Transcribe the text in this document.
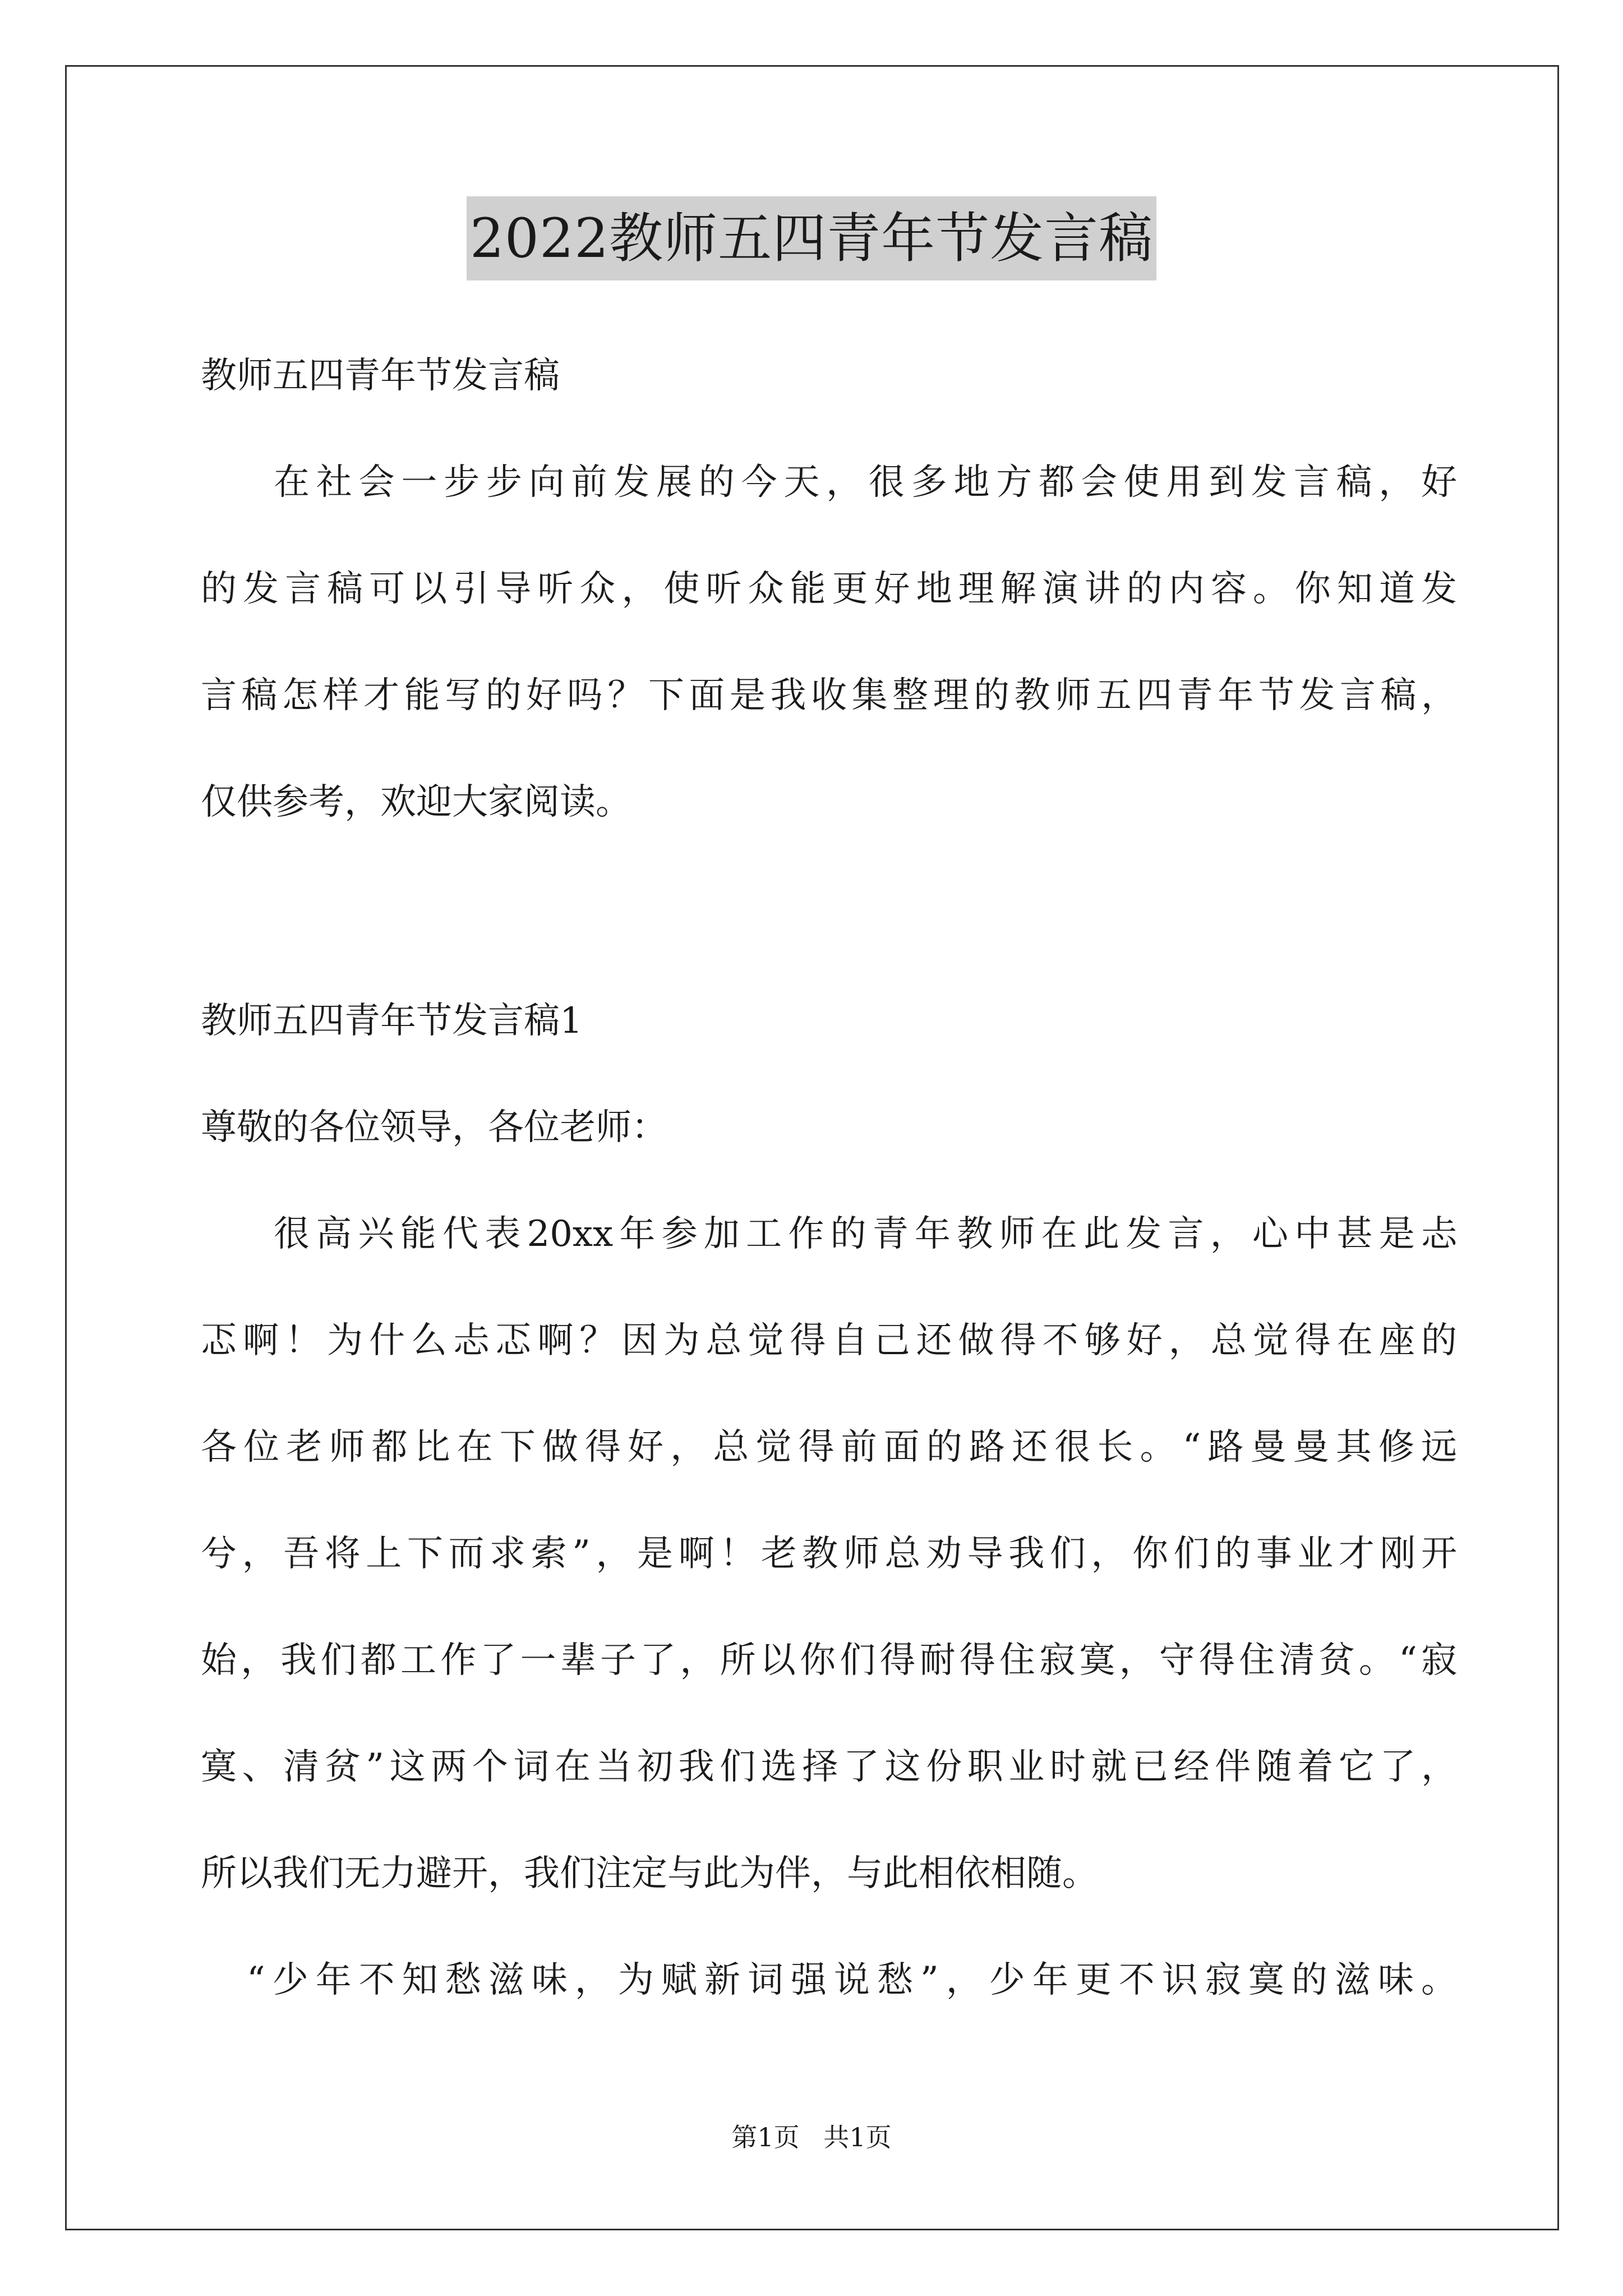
2022教师五四青年节发言稿
教师五四青年节发言稿
在社会一步步向前发展的今天，很多地方都会使用到发言稿，好
的发言稿可以引导听众，使听众能更好地理解演讲的内容。你知道发
言稿怎样才能写的好吗？下面是我收集整理的教师五四青年节发言稿，
仅供参考，欢迎大家阅读。
教师五四青年节发言稿1
尊敬的各位领导，各位老师：
很高兴能代表20xx年参加工作的青年教师在此发言，心中甚是忐
忑啊！为什么忐忑啊？因为总觉得自己还做得不够好，总觉得在座的
各位老师都比在下做得好，总觉得前面的路还很长。“路曼曼其修远
兮，吾将上下而求索”，是啊！老教师总劝导我们，你们的事业才刚开
始，我们都工作了一辈子了，所以你们得耐得住寂寞，守得住清贫。“寂
寞、清贫”这两个词在当初我们选择了这份职业时就已经伴随着它了，
所以我们无力避开，我们注定与此为伴，与此相依相随。
“少年不知愁滋味，为赋新词强说愁”，少年更不识寂寞的滋味。
第1页 共1页
